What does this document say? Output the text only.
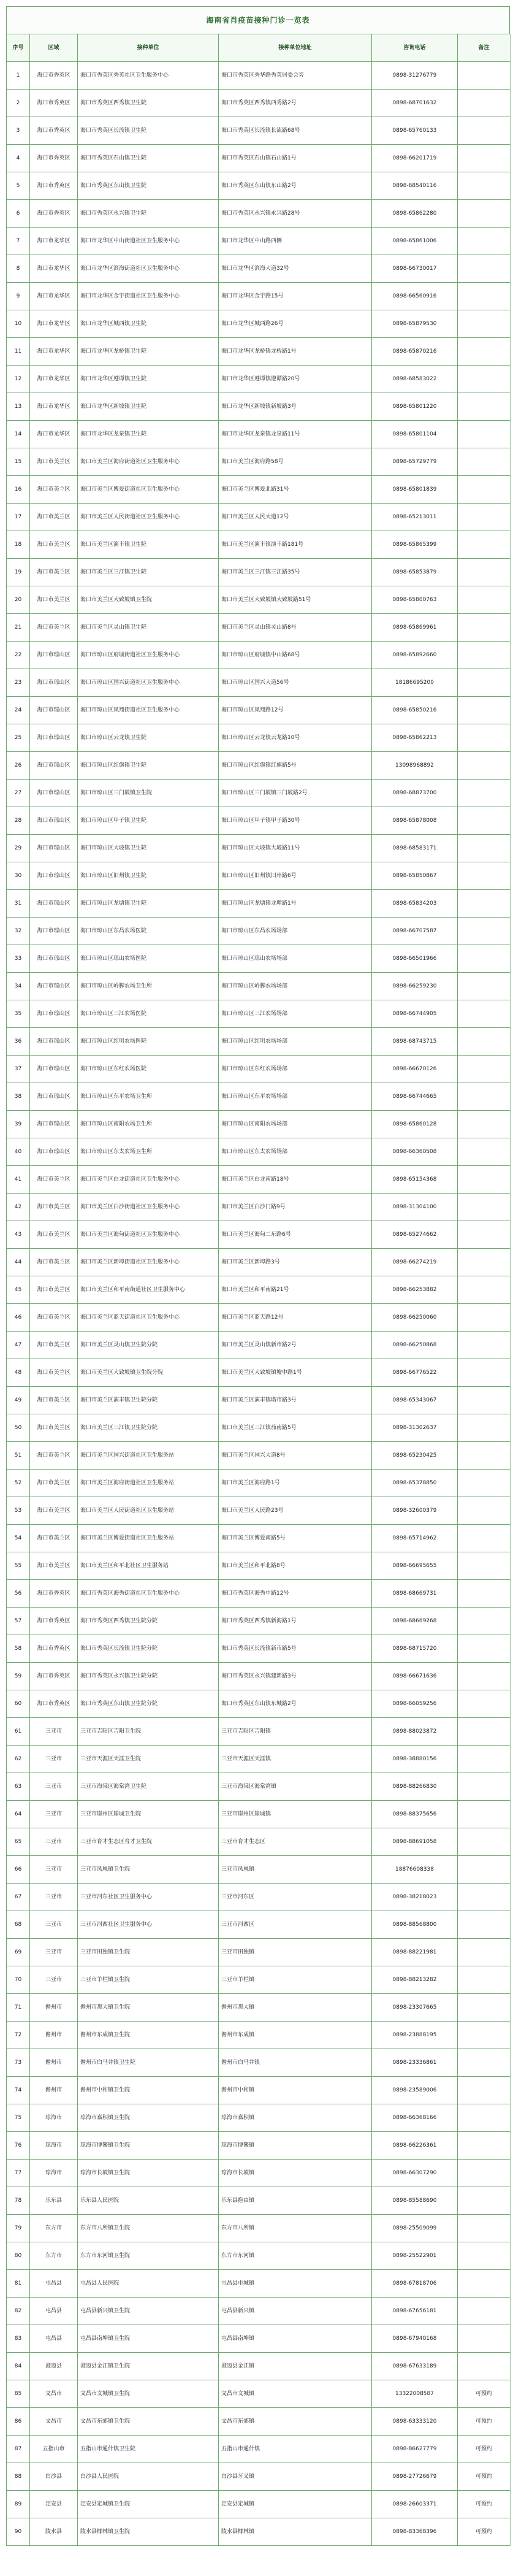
海南省肖疫苗接种门诊一览表
序号	区域	接种单位	接种单位地址	咨询电话	备注
1	海口市秀英区	海口市秀英区秀英社区卫生服务中心	海口市秀英区秀华路秀英居委会旁	0898-31276779	
2	海口市秀英区	海口市秀英区西秀镇卫生院	海口市秀英区西秀镇西秀路2号	0898-68701632	
3	海口市秀英区	海口市秀英区长流镇卫生院	海口市秀英区长流镇长流路68号	0898-65760133	
4	海口市秀英区	海口市秀英区石山镇卫生院	海口市秀英区石山镇石山路1号	0898-66201719	
5	海口市秀英区	海口市秀英区东山镇卫生院	海口市秀英区东山镇东山路2号	0898-68540116	
6	海口市秀英区	海口市秀英区永兴镇卫生院	海口市秀英区永兴镇永兴路28号	0898-65862280	
7	海口市龙华区	海口市龙华区中山街道社区卫生服务中心	海口市龙华区中山路西侧	0898-65861006	
8	海口市龙华区	海口市龙华区滨海街道社区卫生服务中心	海口市龙华区滨海大道32号	0898-66730017	
9	海口市龙华区	海口市龙华区金宇街道社区卫生服务中心	海口市龙华区金宇路15号	0898-66560916	
10	海口市龙华区	海口市龙华区城西镇卫生院	海口市龙华区城西路26号	0898-65879530	
11	海口市龙华区	海口市龙华区龙桥镇卫生院	海口市龙华区龙桥镇龙桥路1号	0898-65870216	
12	海口市龙华区	海口市龙华区遵谭镇卫生院	海口市龙华区遵谭镇遵谭路20号	0898-68583022	
13	海口市龙华区	海口市龙华区新坡镇卫生院	海口市龙华区新坡镇新坡路3号	0898-65801220	
14	海口市龙华区	海口市龙华区龙泉镇卫生院	海口市龙华区龙泉镇龙泉路11号	0898-65801104	
15	海口市美兰区	海口市美兰区海府街道社区卫生服务中心	海口市美兰区海府路58号	0898-65729779	
16	海口市美兰区	海口市美兰区博爱街道社区卫生服务中心	海口市美兰区博爱北路31号	0898-65801839	
17	海口市美兰区	海口市美兰区人民街道社区卫生服务中心	海口市美兰区人民大道12号	0898-65213011	
18	海口市美兰区	海口市美兰区演丰镇卫生院	海口市美兰区演丰镇演丰路181号	0898-65865399	
19	海口市美兰区	海口市美兰区三江镇卫生院	海口市美兰区三江镇三江路35号	0898-65853879	
20	海口市美兰区	海口市美兰区大致坡镇卫生院	海口市美兰区大致坡镇大致坡路51号	0898-65800763	
21	海口市美兰区	海口市美兰区灵山镇卫生院	海口市美兰区灵山镇灵山路8号	0898-65869961	
22	海口市琼山区	海口市琼山区府城街道社区卫生服务中心	海口市琼山区府城镇中山路68号	0898-65892660	
23	海口市琼山区	海口市琼山区国兴街道社区卫生服务中心	海口市琼山区国兴大道56号	18186695200	
24	海口市琼山区	海口市琼山区凤翔街道社区卫生服务中心	海口市琼山区凤翔路12号	0898-65850216	
25	海口市琼山区	海口市琼山区云龙镇卫生院	海口市琼山区云龙镇云龙路10号	0898-65862213	
26	海口市琼山区	海口市琼山区红旗镇卫生院	海口市琼山区红旗镇红旗路5号	13098968892	
27	海口市琼山区	海口市琼山区三门坡镇卫生院	海口市琼山区三门坡镇三门坡路2号	0898-68873700	
28	海口市琼山区	海口市琼山区甲子镇卫生院	海口市琼山区甲子镇甲子路30号	0898-65878008	
29	海口市琼山区	海口市琼山区大坡镇卫生院	海口市琼山区大坡镇大坡路11号	0898-68583171	
30	海口市琼山区	海口市琼山区旧州镇卫生院	海口市琼山区旧州镇旧州路6号	0898-65850867	
31	海口市琼山区	海口市琼山区龙塘镇卫生院	海口市琼山区龙塘镇龙塘路1号	0898-65834203	
32	海口市琼山区	海口市琼山区东昌农场医院	海口市琼山区东昌农场场部	0898-66707587	
33	海口市琼山区	海口市琼山区琼山农场医院	海口市琼山区琼山农场场部	0898-66501966	
34	海口市琼山区	海口市琼山区岭脚农场卫生所	海口市琼山区岭脚农场场部	0898-66259230	
35	海口市琼山区	海口市琼山区三江农场医院	海口市琼山区三江农场场部	0898-66744905	
36	海口市琼山区	海口市琼山区红明农场医院	海口市琼山区红明农场场部	0898-68743715	
37	海口市琼山区	海口市琼山区东红农场医院	海口市琼山区东红农场场部	0898-66670126	
38	海口市琼山区	海口市琼山区东平农场卫生所	海口市琼山区东平农场场部	0898-66744665	
39	海口市琼山区	海口市琼山区南阳农场卫生所	海口市琼山区南阳农场场部	0898-65860128	
40	海口市琼山区	海口市琼山区东太农场卫生所	海口市琼山区东太农场场部	0898-66360508	
41	海口市美兰区	海口市美兰区白龙街道社区卫生服务中心	海口市美兰区白龙南路18号	0898-65154368	
42	海口市美兰区	海口市美兰区白沙街道社区卫生服务中心	海口市美兰区白沙门路9号	0898-31304100	
43	海口市美兰区	海口市美兰区海甸街道社区卫生服务中心	海口市美兰区海甸二东路6号	0898-65274662	
44	海口市美兰区	海口市美兰区新埠街道社区卫生服务中心	海口市美兰区新埠路3号	0898-66274219	
45	海口市美兰区	海口市美兰区和平南街道社区卫生服务中心	海口市美兰区和平南路21号	0898-66253882	
46	海口市美兰区	海口市美兰区蓝天街道社区卫生服务中心	海口市美兰区蓝天路12号	0898-66250060	
47	海口市美兰区	海口市美兰区灵山镇卫生院分院	海口市美兰区灵山镇新市路2号	0898-66250868	
48	海口市美兰区	海口市美兰区大致坡镇卫生院分院	海口市美兰区大致坡镇墟中路1号	0898-66776522	
49	海口市美兰区	海口市美兰区演丰镇卫生院分院	海口市美兰区演丰镇塔市路3号	0898-65343067	
50	海口市美兰区	海口市美兰区三江镇卫生院分院	海口市美兰区三江镇茄南路5号	0898-31302637	
51	海口市美兰区	海口市美兰区国兴街道社区卫生服务站	海口市美兰区国兴大道8号	0898-65230425	
52	海口市美兰区	海口市美兰区海府街道社区卫生服务站	海口市美兰区海府路1号	0898-65378850	
53	海口市美兰区	海口市美兰区人民街道社区卫生服务站	海口市美兰区人民路23号	0898-32600379	
54	海口市美兰区	海口市美兰区博爱街道社区卫生服务站	海口市美兰区博爱南路5号	0898-65714962	
55	海口市美兰区	海口市美兰区和平北社区卫生服务站	海口市美兰区和平北路8号	0898-66695655	
56	海口市秀英区	海口市秀英区海秀街道社区卫生服务中心	海口市秀英区海秀中路12号	0898-68669731	
57	海口市秀英区	海口市秀英区西秀镇卫生院分院	海口市秀英区西秀镇新海路1号	0898-68669268	
58	海口市秀英区	海口市秀英区长流镇卫生院分院	海口市秀英区长流镇新市路5号	0898-68715720	
59	海口市秀英区	海口市秀英区永兴镇卫生院分院	海口市秀英区永兴镇建新路3号	0898-66671636	
60	海口市秀英区	海口市秀英区东山镇卫生院分院	海口市秀英区东山镇东城路2号	0898-66059256	
61	三亚市	三亚市吉阳区吉阳卫生院	三亚市吉阳区吉阳镇	0898-88023872	
62	三亚市	三亚市天涯区天涯卫生院	三亚市天涯区天涯镇	0898-38880156	
63	三亚市	三亚市海棠区海棠湾卫生院	三亚市海棠区海棠湾镇	0898-88266830	
64	三亚市	三亚市崖州区崖城卫生院	三亚市崖州区崖城镇	0898-88375656	
65	三亚市	三亚市育才生态区育才卫生院	三亚市育才生态区	0898-88691058	
66	三亚市	三亚市凤凰镇卫生院	三亚市凤凰镇	18876608338	
67	三亚市	三亚市河东社区卫生服务中心	三亚市河东区	0898-38218023	
68	三亚市	三亚市河西社区卫生服务中心	三亚市河西区	0898-88568800	
69	三亚市	三亚市田独镇卫生院	三亚市田独镇	0898-88221981	
70	三亚市	三亚市羊栏镇卫生院	三亚市羊栏镇	0898-88213282	
71	儋州市	儋州市那大镇卫生院	儋州市那大镇	0898-23307665	
72	儋州市	儋州市东成镇卫生院	儋州市东成镇	0898-23888195	
73	儋州市	儋州市白马井镇卫生院	儋州市白马井镇	0898-23336861	
74	儋州市	儋州市中和镇卫生院	儋州市中和镇	0898-23589006	
75	琼海市	琼海市嘉积镇卫生院	琼海市嘉积镇	0898-66368166	
76	琼海市	琼海市博鳌镇卫生院	琼海市博鳌镇	0898-66226361	
77	琼海市	琼海市长坡镇卫生院	琼海市长坡镇	0898-66307290	
78	乐东县	乐东县人民医院	乐东县抱由镇	0898-85588690	
79	东方市	东方市八所镇卫生院	东方市八所镇	0898-25509099	
80	东方市	东方市东河镇卫生院	东方市东河镇	0898-25522901	
81	屯昌县	屯昌县人民医院	屯昌县屯城镇	0898-67818706	
82	屯昌县	屯昌县新兴镇卫生院	屯昌县新兴镇	0898-67656181	
83	屯昌县	屯昌县南坤镇卫生院	屯昌县南坤镇	0898-67940168	
84	澄迈县	澄迈县金江镇卫生院	澄迈县金江镇	0898-67633189	
85	文昌市	文昌市文城镇卫生院	文昌市文城镇	13322008587	可预约
86	文昌市	文昌市东郊镇卫生院	文昌市东郊镇	0898-63333120	可预约
87	五指山市	五指山市通什镇卫生院	五指山市通什镇	0898-86627779	可预约
88	白沙县	白沙县人民医院	白沙县牙叉镇	0898-27726679	可预约
89	定安县	定安县定城镇卫生院	定安县定城镇	0898-26603371	可预约
90	陵水县	陵水县椰林镇卫生院	陵水县椰林镇	0898-83368396	可预约
